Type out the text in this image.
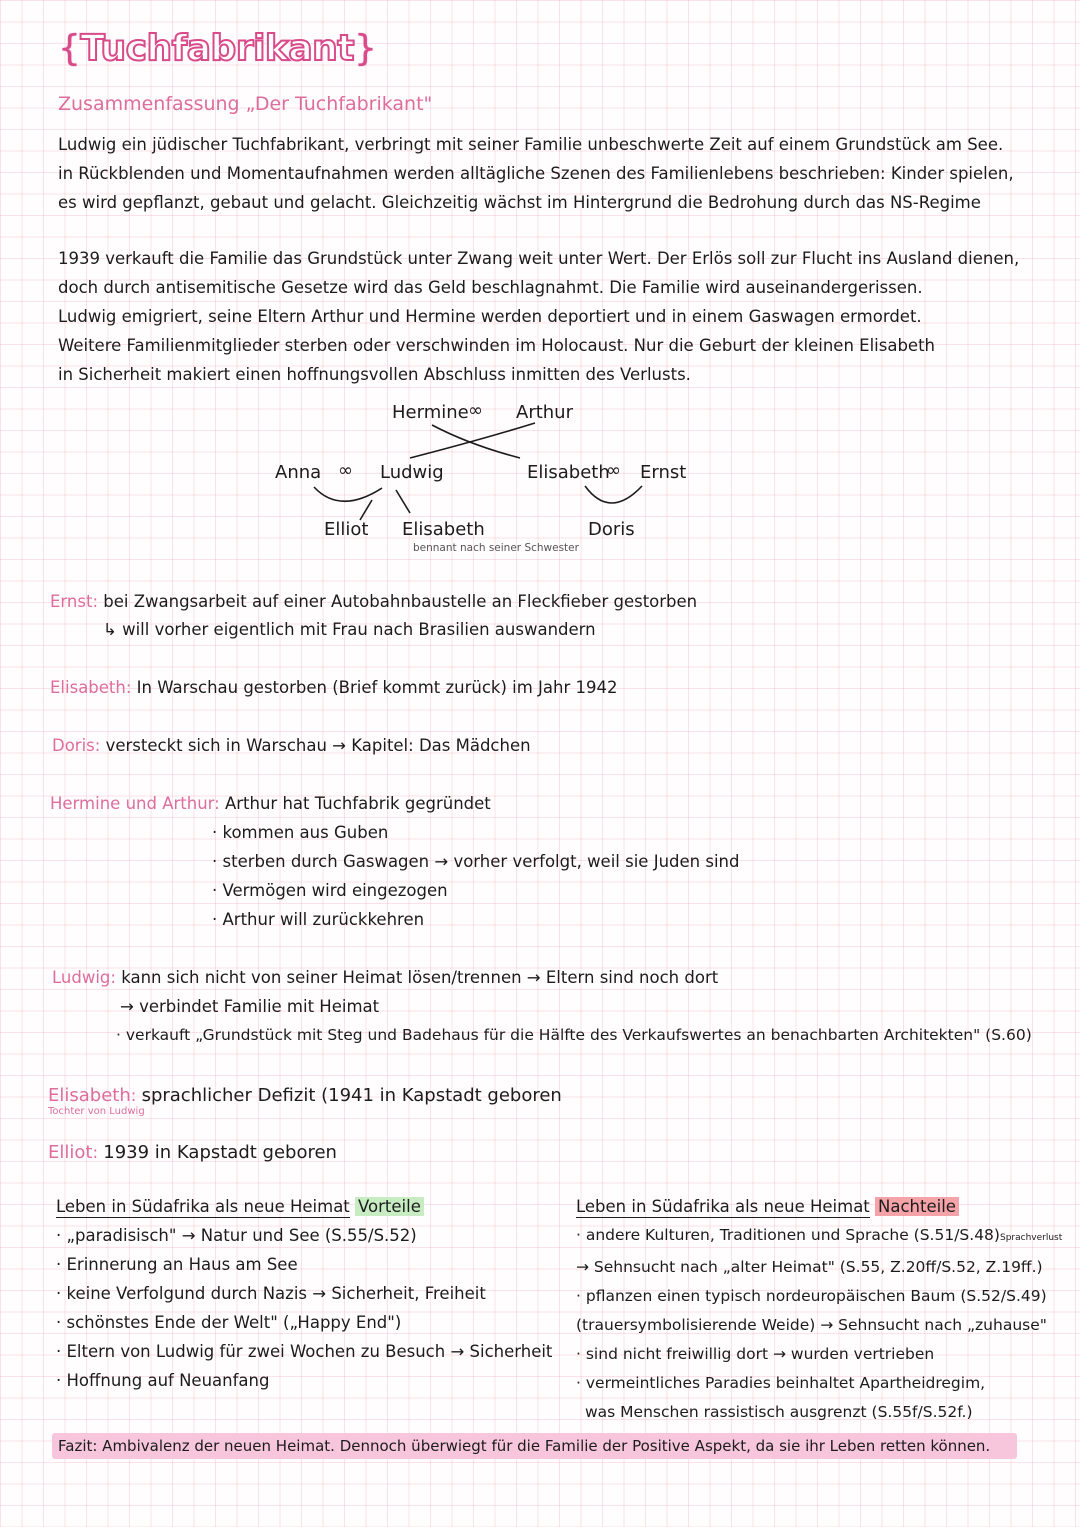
{Tuchfabrikant}
Zusammenfassung „Der Tuchfabrikant"
Ludwig ein jüdischer Tuchfabrikant, verbringt mit seiner Familie unbeschwerte Zeit auf einem Grundstück am See.
in Rückblenden und Momentaufnahmen werden alltägliche Szenen des Familienlebens beschrieben: Kinder spielen,
es wird gepflanzt, gebaut und gelacht. Gleichzeitig wächst im Hintergrund die Bedrohung durch das NS-Regime
1939 verkauft die Familie das Grundstück unter Zwang weit unter Wert. Der Erlös soll zur Flucht ins Ausland dienen,
doch durch antisemitische Gesetze wird das Geld beschlagnahmt. Die Familie wird auseinandergerissen.
Ludwig emigriert, seine Eltern Arthur und Hermine werden deportiert und in einem Gaswagen ermordet.
Weitere Familienmitglieder sterben oder verschwinden im Holocaust. Nur die Geburt der kleinen Elisabeth
in Sicherheit makiert einen hoffnungsvollen Abschluss inmitten des Verlusts.
Hermine ∞ Arthur
Anna ∞ Ludwig	Elisabeth
∞ Ernst
Elliot Elisabeth
bennant nach seiner Schwester
Doris
Ernst: bei Zwangsarbeit auf einer Autobahnbaustelle an Fleckfieber gestorben
↳ will vorher eigentlich mit Frau nach Brasilien auswandern
Elisabeth: In Warschau gestorben (Brief kommt zurück) im Jahr 1942
Doris: versteckt sich in Warschau → Kapitel: Das Mädchen
Hermine und Arthur: Arthur hat Tuchfabrik gegründet
· kommen aus Guben
· sterben durch Gaswagen → vorher verfolgt, weil sie Juden sind
· Vermögen wird eingezogen
· Arthur will zurückkehren
Ludwig: kann sich nicht von seiner Heimat lösen/trennen → Eltern sind noch dort
→ verbindet Familie mit Heimat
· verkauft „Grundstück mit Steg und Badehaus für die Hälfte des Verkaufswertes an benachbarten Architekten" (S.60)
Elisabeth: sprachlicher Defizit (1941 in Kapstadt geboren
Tochter von Ludwig
Elliot: 1939 in Kapstadt geboren
Leben in Südafrika als neue Heimat Vorteile
· „paradisisch" → Natur und See (S.55/S.52)
· Erinnerung an Haus am See
· keine Verfolgund durch Nazis → Sicherheit, Freiheit
· schönstes Ende der Welt" („Happy End")
· Eltern von Ludwig für zwei Wochen zu Besuch → Sicherheit
· Hoffnung auf Neuanfang
Leben in Südafrika als neue Heimat Nachteile
· andere Kulturen, Traditionen und Sprache (S.51/S.48)Sprachverlust
→ Sehnsucht nach „alter Heimat" (S.55, Z.20ff/S.52, Z.19ff.)
· pflanzen einen typisch nordeuropäischen Baum (S.52/S.49)
(trauersymbolisierende Weide) → Sehnsucht nach „zuhause"
· sind nicht freiwillig dort → wurden vertrieben
· vermeintliches Paradies beinhaltet Apartheidregim,
was Menschen rassistisch ausgrenzt (S.55f/S.52f.)
Fazit: Ambivalenz der neuen Heimat. Dennoch überwiegt für die Familie der Positive Aspekt, da sie ihr Leben retten können.
